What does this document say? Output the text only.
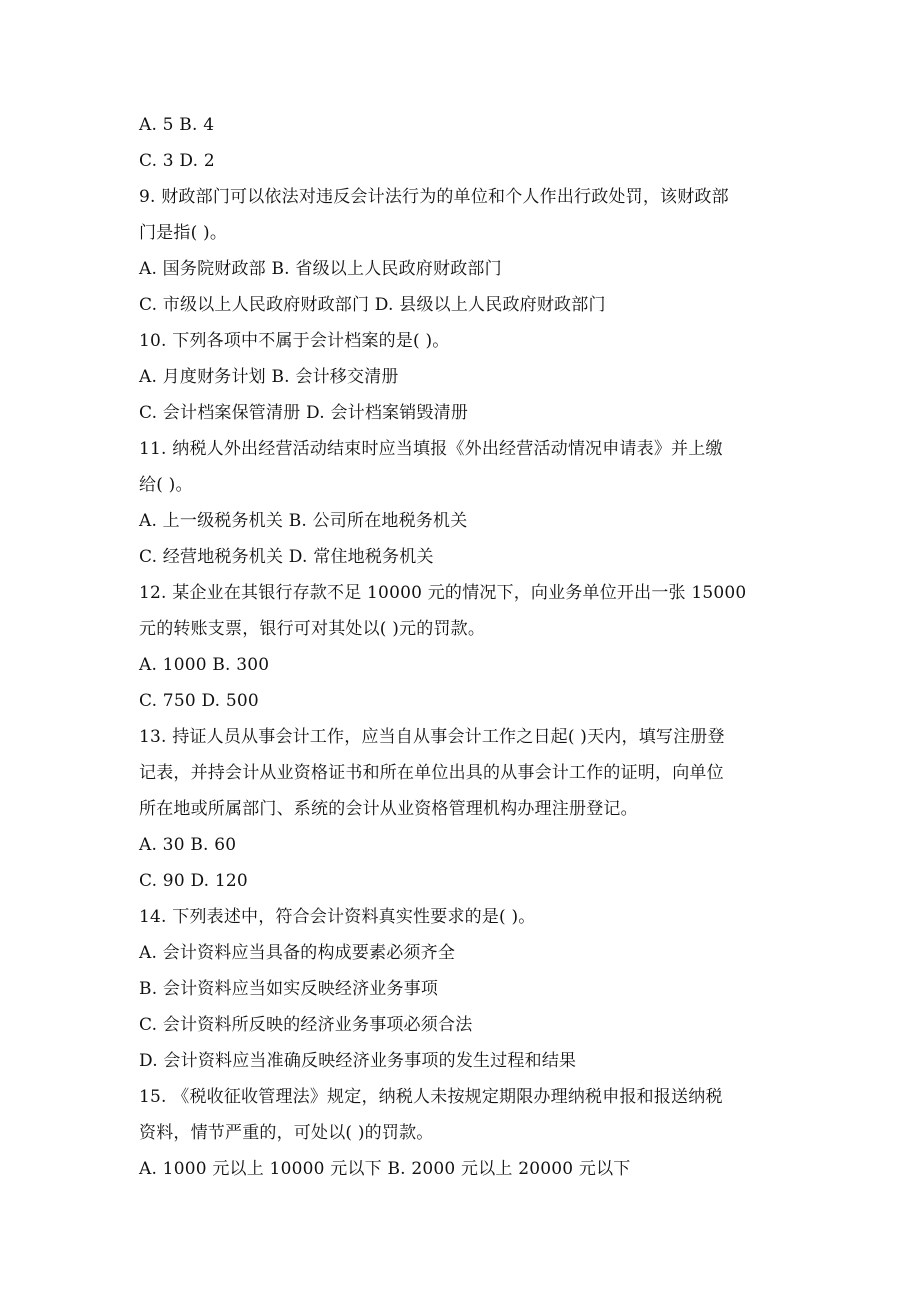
A. 5 B. 4
C. 3 D. 2
9. 财政部门可以依法对违反会计法行为的单位和个人作出行政处罚，该财政部
门是指( )。
A. 国务院财政部 B. 省级以上人民政府财政部门
C. 市级以上人民政府财政部门 D. 县级以上人民政府财政部门
10. 下列各项中不属于会计档案的是( )。
A. 月度财务计划 B. 会计移交清册
C. 会计档案保管清册 D. 会计档案销毁清册
11. 纳税人外出经营活动结束时应当填报《外出经营活动情况申请表》并上缴
给( )。
A. 上一级税务机关 B. 公司所在地税务机关
C. 经营地税务机关 D. 常住地税务机关
12. 某企业在其银行存款不足 10000 元的情况下，向业务单位开出一张 15000
元的转账支票，银行可对其处以( )元的罚款。
A. 1000 B. 300
C. 750 D. 500
13. 持证人员从事会计工作，应当自从事会计工作之日起( )天内，填写注册登
记表，并持会计从业资格证书和所在单位出具的从事会计工作的证明，向单位
所在地或所属部门、系统的会计从业资格管理机构办理注册登记。
A. 30 B. 60
C. 90 D. 120
14. 下列表述中，符合会计资料真实性要求的是( )。
A. 会计资料应当具备的构成要素必须齐全
B. 会计资料应当如实反映经济业务事项
C. 会计资料所反映的经济业务事项必须合法
D. 会计资料应当准确反映经济业务事项的发生过程和结果
15. 《税收征收管理法》规定，纳税人未按规定期限办理纳税申报和报送纳税
资料，情节严重的，可处以( )的罚款。
A. 1000 元以上 10000 元以下 B. 2000 元以上 20000 元以下
